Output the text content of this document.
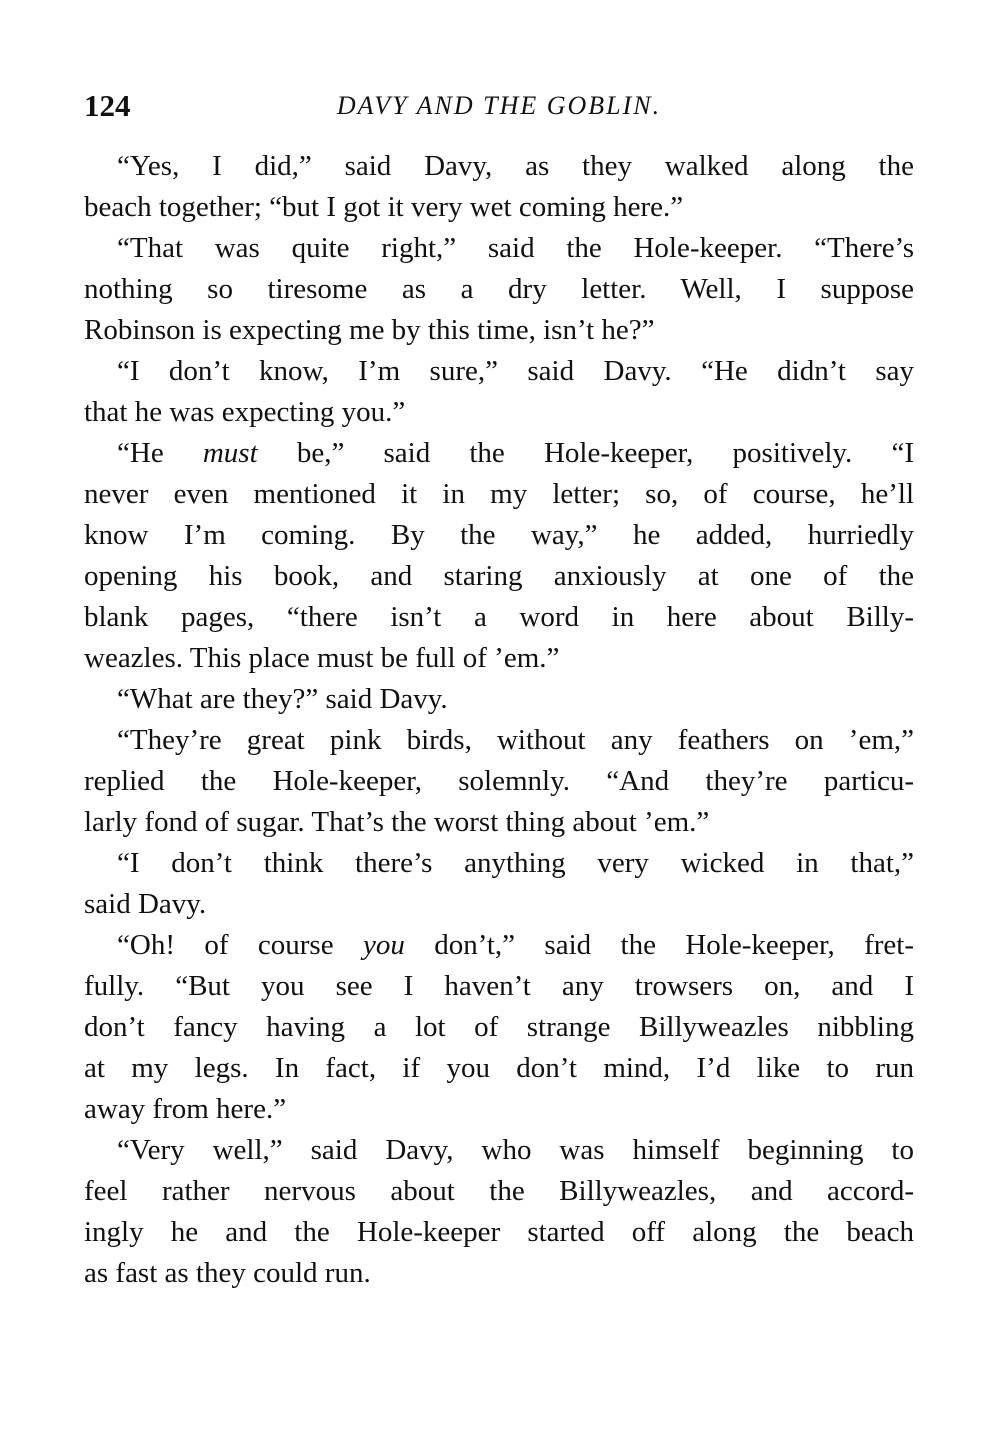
124	DAVY AND THE GOBLIN.

“Yes, I did,” said Davy, as they walked along the
beach together; “but I got it very wet coming here.”

“That was quite right,” said the Hole-keeper. “There’s
nothing so tiresome as a dry letter. Well, I suppose
Robinson is expecting me by this time, isn’t he?”

“I don’t know, I’m sure,” said Davy. “He didn’t say
that he was expecting you.”

“He must be,” said the Hole-keeper, positively. “I
never even mentioned it in my letter; so, of course, he’ll
know I’m coming. By the way,” he added, hurriedly
opening his book, and staring anxiously at one of the
blank pages, “there isn’t a word in here about Billy-
weazles. This place must be full of ’em.”

“What are they?” said Davy.

“They’re great pink birds, without any feathers on ’em,”
replied the Hole-keeper, solemnly. “And they’re particu-
larly fond of sugar. That’s the worst thing about ’em.”

“I don’t think there’s anything very wicked in that,”
said Davy.

“Oh! of course you don’t,” said the Hole-keeper, fret-
fully. “But you see I haven’t any trowsers on, and I
don’t fancy having a lot of strange Billyweazles nibbling
at my legs. In fact, if you don’t mind, I’d like to run
away from here.”

“Very well,” said Davy, who was himself beginning to
feel rather nervous about the Billyweazles, and accord-
ingly he and the Hole-keeper started off along the beach
as fast as they could run.
